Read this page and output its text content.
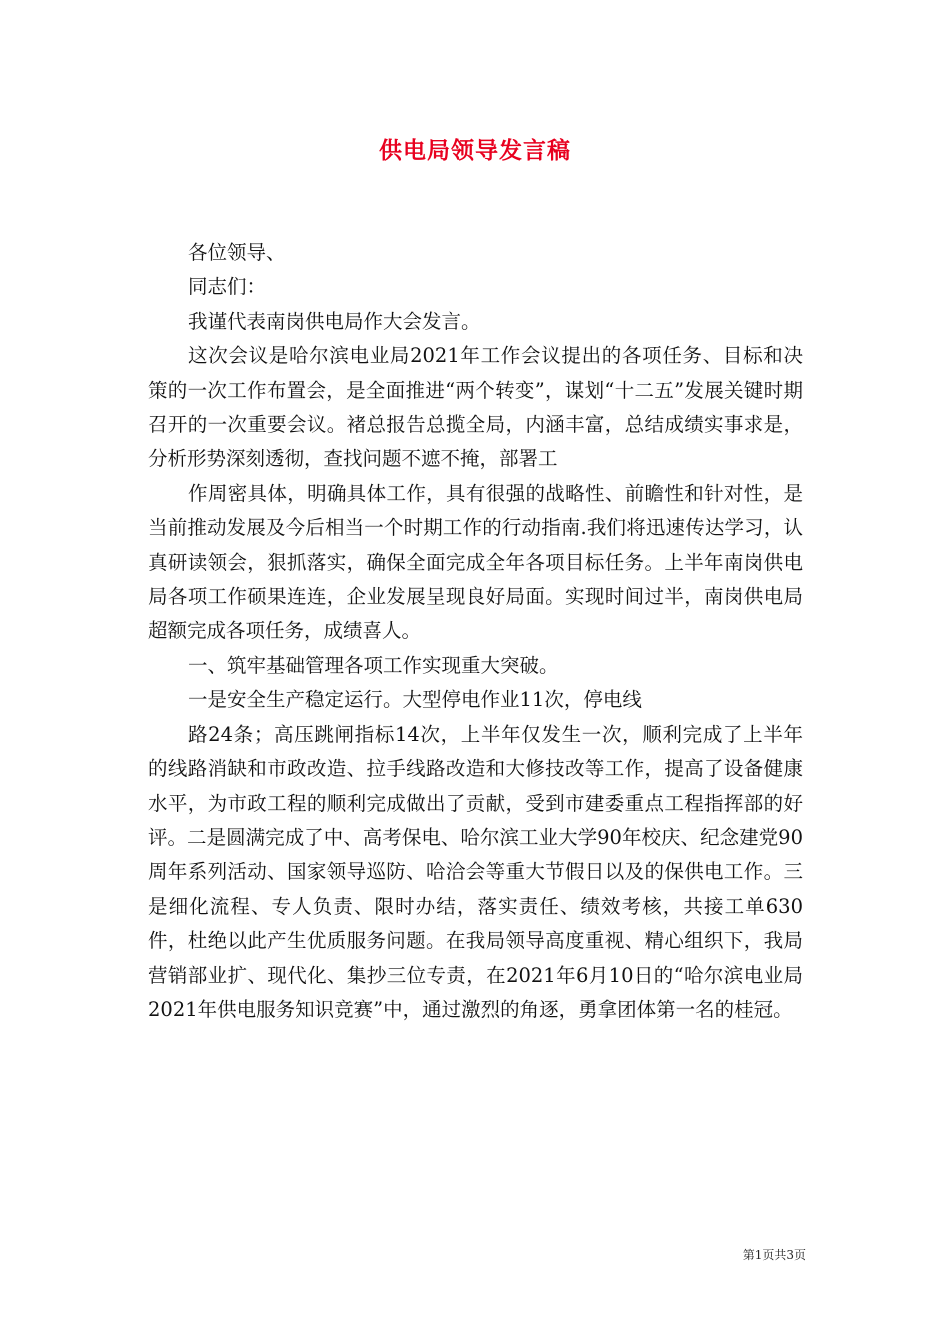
供电局领导发言稿

各位领导、

同志们：

我谨代表南岗供电局作大会发言。

这次会议是哈尔滨电业局2021年工作会议提出的各项任务、目标和决策的一次工作布置会，是全面推进“两个转变”，谋划“十二五”发展关键时期召开的一次重要会议。褚总报告总揽全局，内涵丰富，总结成绩实事求是，分析形势深刻透彻，查找问题不遮不掩，部署工

作周密具体，明确具体工作，具有很强的战略性、前瞻性和针对性，是当前推动发展及今后相当一个时期工作的行动指南.我们将迅速传达学习，认真研读领会，狠抓落实，确保全面完成全年各项目标任务。上半年南岗供电局各项工作硕果连连，企业发展呈现良好局面。实现时间过半，南岗供电局超额完成各项任务，成绩喜人。

一、筑牢基础管理各项工作实现重大突破。

一是安全生产稳定运行。大型停电作业11次，停电线

路24条；高压跳闸指标14次，上半年仅发生一次，顺利完成了上半年的线路消缺和市政改造、拉手线路改造和大修技改等工作，提高了设备健康水平，为市政工程的顺利完成做出了贡献，受到市建委重点工程指挥部的好评。二是圆满完成了中、高考保电、哈尔滨工业大学90年校庆、纪念建党90周年系列活动、国家领导巡防、哈洽会等重大节假日以及的保供电工作。三是细化流程、专人负责、限时办结，落实责任、绩效考核，共接工单630件，杜绝以此产生优质服务问题。在我局领导高度重视、精心组织下，我局营销部业扩、现代化、集抄三位专责，在2021年6月10日的“哈尔滨电业局2021年供电服务知识竞赛”中，通过激烈的角逐，勇拿团体第一名的桂冠。

第1页共3页
